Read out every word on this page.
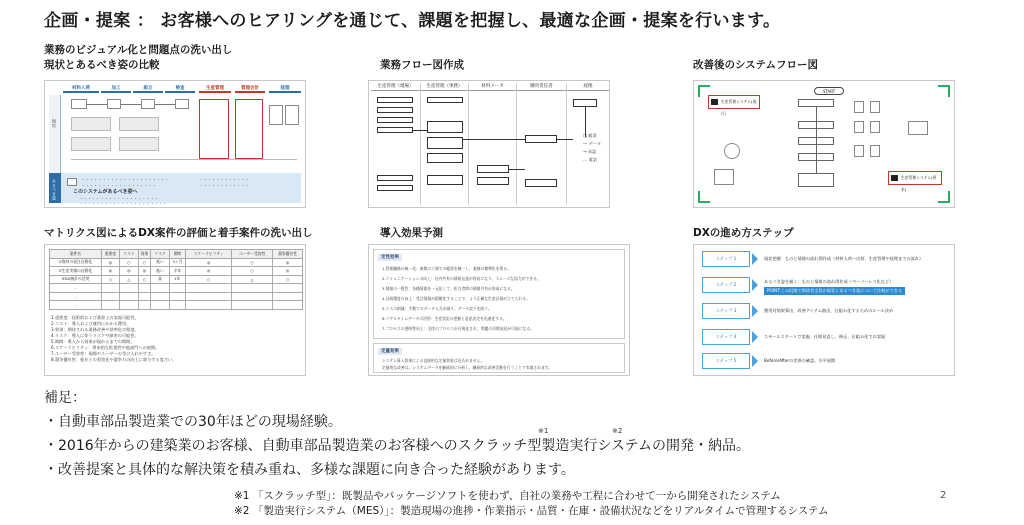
企画・提案 ： お客様へのヒアリングを通じて、課題を把握し、最適な企画・提案を行います。
業務のビジュアル化と問題点の洗い出し
現状とあるべき姿の比較	業務フロー図作成	改善後のシステムフロー図
マトリクス図によるDX案件の評価と着手案件の洗い出し	導入効果予測	DXの進め方ステップ
材料入荷	加工	組立	検査	生産管理	管理会計	経理
現状
あるべき姿	・・・・・・・・・・・・・・・・・・・・・
・・・・・・・・・・・・・・・・・・
このシステムがあるべき姿へ
・・・・・・・・・・・・・・・・・・・
・・・・・・・・・・・・・・・・・・・・・
・・・・・・・・・・・・
・・・・・・・・・・・・
生産管理（現場）	生産管理（事務）	材料メーカ	購買責任者	経理
□ 帳票
― データ
→ 承認
… 電話
生産管理システム(現行)
START
生産管理システム(将来)
案件名	重要度	コスト	効果	リスク	期間	スケーラビリティ	ユーザー受容性	競争優位性
①資材の発注自動化	◎	○	○	低い	3ヶ月	◎	○	◎
②生産実績の自動化	◎	◎	◎	低い	半年	◎	○	◎
③DX統計の活用	○	△	○	高	1年	○	△	○
-								
-								
-								
1.重要度：技術的および業界上の実現可能性。
2.コスト：導入および運用にかかる費用。
3.効果：期待される業務改善や効率化の程度。
4.リスク：導入に伴うリスクや障害の可能性。
5.期間：導入から効果が現れるまでの期間。
6.スケーラビリティ：将来的な拡張性や他部門への展開。
7.ユーザー受容性：現場やユーザーの受け入れやすさ。
8.競争優位性：他社との差別化や競争力の向上に寄与する度合い。
定性効果
1.管理職務の統一化：複数の工場での帳票を統一し、業務の標準化を図る。
2.コミュニケーションの向上：社内共有の情報伝達が容易になり、スムーズな協力ができる。
3.情報の一覧性：各種情報を一元化して、担当者間の情報共有が容易になる。
4.計画精度の向上：受注情報が精緻化することで、より正確な生産計画が立てられる。
5.ミスの削減：手動でのデータ入力が減り、データ誤りを防ぐ。
6.リアルタイムデータの活用：生産状況の把握と意思決定を迅速化する。
7.プロセスの透明性向上：全体のプロセスが可視化され、問題の早期発見が可能になる。
定量効果
システム導入効果による直接的な定量効果は見込めません。
定量的な改善は、システムデータを継続的に分析し、継続的な改善活動を行うことで実現されます。
ステップ 1	現状把握：ものと情報の流れ図作成（材料入荷～出荷、生産管理や経理までの流れ）
ステップ 2
あるべき姿を描く：ものと情報の流れ図作成（ペーパーレス化など）
POINT:この段階で関係者全員が現状とあるべき姿について比較ができる
ステップ 3	費用対効果算出、改善アイテム抽出、仕組み化するためのルール決め
ステップ 4	スモールスタートで実施、仕様見直し、修正、仕組み化での実現
ステップ 5	Before/Afterの差異の確認、水平展開
補足：
・自動車部品製造業での30年ほどの現場経験。
・2016年からの建築業のお客様、自動車部品製造業のお客様へのスクラッチ型製造実行システムの開発・納品。
・改善提案と具体的な解決策を積み重ね、多様な課題に向き合った経験があります。
※1	※2
※1 「スクラッチ型」：既製品やパッケージソフトを使わず、自社の業務や工程に合わせて一から開発されたシステム
※2 「製造実行システム（MES）」：製造現場の進捗・作業指示・品質・在庫・設備状況などをリアルタイムで管理するシステム
2
